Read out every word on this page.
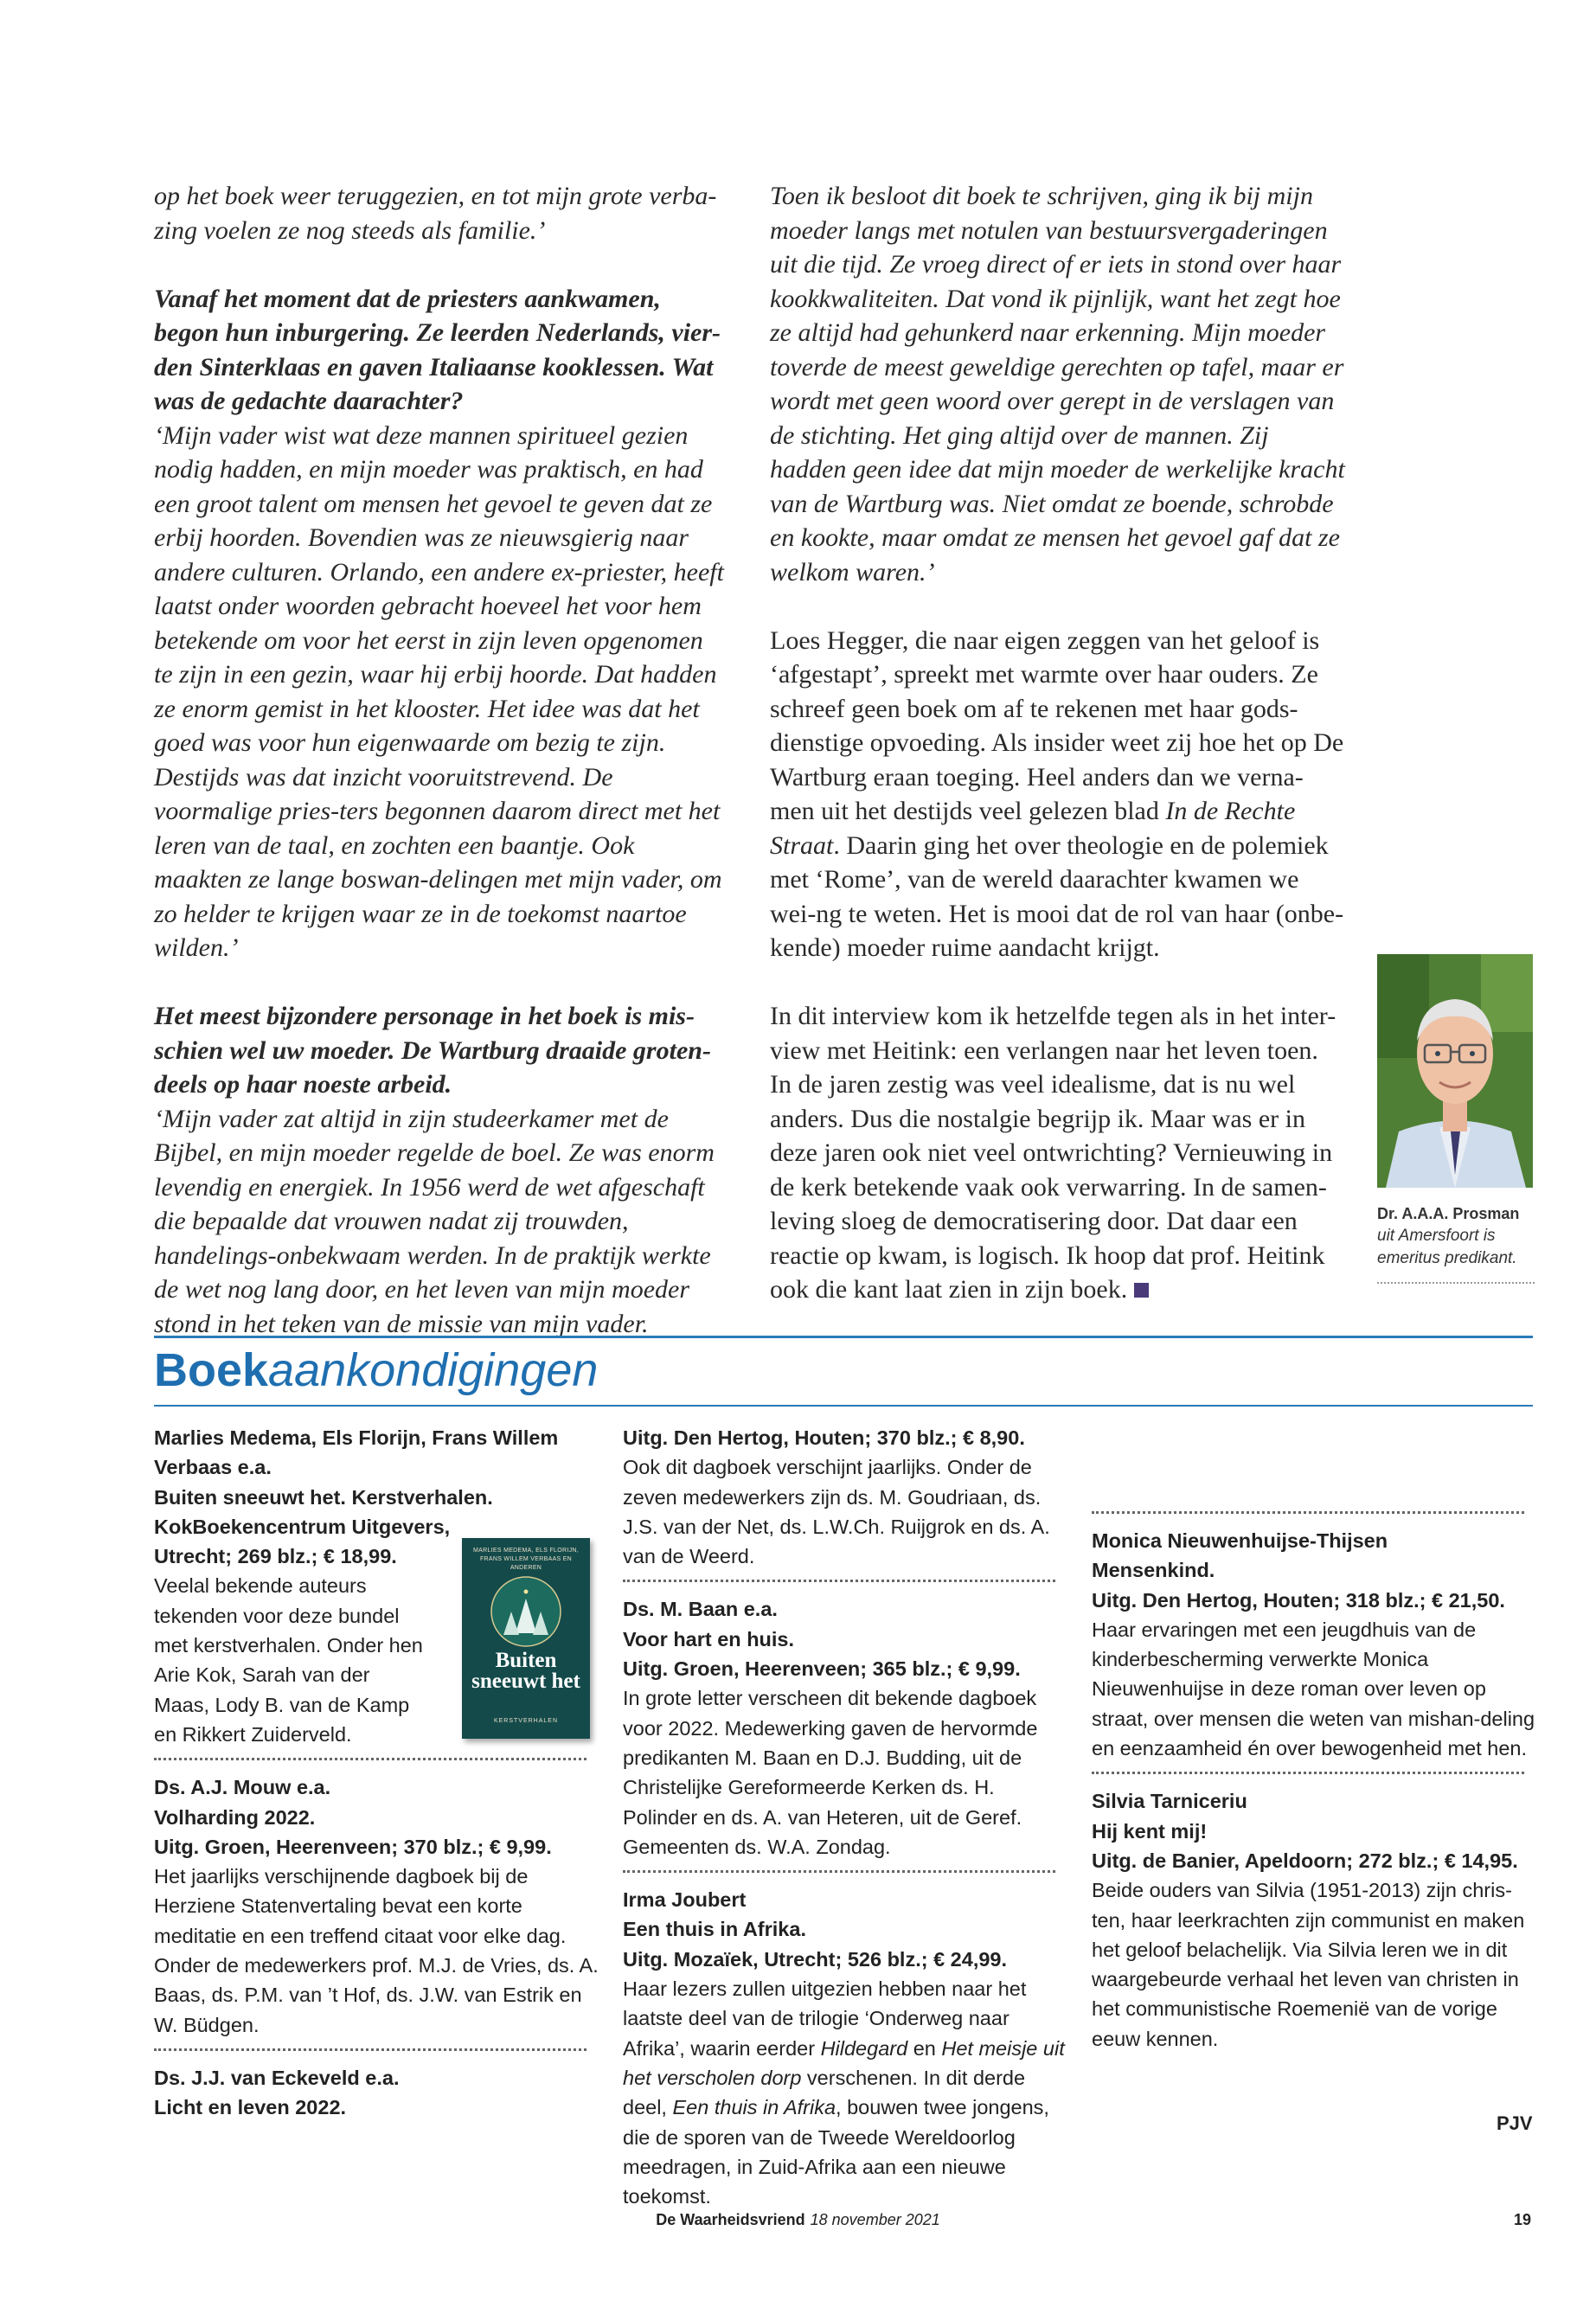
op het boek weer teruggezien, en tot mijn grote verba-zing voelen ze nog steeds als familie.’

Vanaf het moment dat de priesters aankwamen, begon hun inburgering. Ze leerden Nederlands, vier-den Sinterklaas en gaven Italiaanse kooklessen. Wat was de gedachte daarachter?

‘Mijn vader wist wat deze mannen spiritueel gezien nodig hadden, en mijn moeder was praktisch, en had een groot talent om mensen het gevoel te geven dat ze erbij hoorden. Bovendien was ze nieuwsgierig naar andere culturen. Orlando, een andere ex-priester, heeft laatst onder woorden gebracht hoeveel het voor hem betekende om voor het eerst in zijn leven opgenomen te zijn in een gezin, waar hij erbij hoorde. Dat hadden ze enorm gemist in het klooster. Het idee was dat het goed was voor hun eigenwaarde om bezig te zijn. Destijds was dat inzicht vooruitstrevend. De voormalige pries-ters begonnen daarom direct met het leren van de taal, en zochten een baantje. Ook maakten ze lange boswan-delingen met mijn vader, om zo helder te krijgen waar ze in de toekomst naartoe wilden.’

Het meest bijzondere personage in het boek is mis-schien wel uw moeder. De Wartburg draaide groten-deels op haar noeste arbeid.

‘Mijn vader zat altijd in zijn studeerkamer met de Bijbel, en mijn moeder regelde de boel. Ze was enorm levendig en energiek. In 1956 werd de wet afgeschaft die bepaalde dat vrouwen nadat zij trouwden, handelings-onbekwaam werden. In de praktijk werkte de wet nog lang door, en het leven van mijn moeder stond in het teken van de missie van mijn vader.

Toen ik besloot dit boek te schrijven, ging ik bij mijn moeder langs met notulen van bestuursvergaderingen uit die tijd. Ze vroeg direct of er iets in stond over haar kookkwaliteiten. Dat vond ik pijnlijk, want het zegt hoe ze altijd had gehunkerd naar erkenning. Mijn moeder toverde de meest geweldige gerechten op tafel, maar er wordt met geen woord over gerept in de verslagen van de stichting. Het ging altijd over de mannen. Zij hadden geen idee dat mijn moeder de werkelijke kracht van de Wartburg was. Niet omdat ze boende, schrobde en kookte, maar omdat ze mensen het gevoel gaf dat ze welkom waren.’

Loes Hegger, die naar eigen zeggen van het geloof is ‘afgestapt’, spreekt met warmte over haar ouders. Ze schreef geen boek om af te rekenen met haar gods-dienstige opvoeding. Als insider weet zij hoe het op De Wartburg eraan toeging. Heel anders dan we verna-men uit het destijds veel gelezen blad In de Rechte Straat. Daarin ging het over theologie en de polemiek met ‘Rome’, van de wereld daarachter kwamen we wei-ng te weten. Het is mooi dat de rol van haar (onbe-kende) moeder ruime aandacht krijgt.

In dit interview kom ik hetzelfde tegen als in het inter-view met Heitink: een verlangen naar het leven toen. In de jaren zestig was veel idealisme, dat is nu wel anders. Dus die nostalgie begrijp ik. Maar was er in deze jaren ook niet veel ontwrichting? Vernieuwing in de kerk betekende vaak ook verwarring. In de samen-leving sloeg de democratisering door. Dat daar een reactie op kwam, is logisch. Ik hoop dat prof. Heitink ook die kant laat zien in zijn boek.

Dr. A.A.A. Prosman
uit Amersfoort is emeritus predikant.
Boekaankondigingen

Marlies Medema, Els Florijn, Frans Willem Verbaas e.a.

Buiten sneeuwt het. Kerstverhalen.

KokBoekencentrum Uitgevers,

Utrecht; 269 blz.; € 18,99.

Veelal bekende auteurs tekenden voor deze bundel met kerstverhalen. Onder hen Arie Kok, Sarah van der Maas, Lody B. van de Kamp en Rikkert Zuiderveld.

Ds. A.J. Mouw e.a.

Volharding 2022.

Uitg. Groen, Heerenveen; 370 blz.; € 9,99.

Het jaarlijks verschijnende dagboek bij de Herziene Statenvertaling bevat een korte meditatie en een treffend citaat voor elke dag. Onder de medewerkers prof. M.J. de Vries, ds. A. Baas, ds. P.M. van ’t Hof, ds. J.W. van Estrik en W. Büdgen.

Ds. J.J. van Eckeveld e.a.

Licht en leven 2022.

MARLIES MEDEMA, ELS FLORIJN, FRANS WILLEM VERBAAS EN ANDEREN
Buiten sneeuwt het
KERSTVERHALEN

Uitg. Den Hertog, Houten; 370 blz.; € 8,90.

Ook dit dagboek verschijnt jaarlijks. Onder de zeven medewerkers zijn ds. M. Goudriaan, ds. J.S. van der Net, ds. L.W.Ch. Ruijgrok en ds. A. van de Weerd.

Ds. M. Baan e.a.

Voor hart en huis.

Uitg. Groen, Heerenveen; 365 blz.; € 9,99.

In grote letter verscheen dit bekende dagboek voor 2022. Medewerking gaven de hervormde predikanten M. Baan en D.J. Budding, uit de Christelijke Gereformeerde Kerken ds. H. Polinder en ds. A. van Heteren, uit de Geref. Gemeenten ds. W.A. Zondag.

Irma Joubert

Een thuis in Afrika.

Uitg. Mozaïek, Utrecht; 526 blz.; € 24,99.

Haar lezers zullen uitgezien hebben naar het laatste deel van de trilogie ‘Onderweg naar Afrika’, waarin eerder Hildegard en Het meisje uit het verscholen dorp verschenen. In dit derde deel, Een thuis in Afrika, bouwen twee jongens, die de sporen van de Tweede Wereldoorlog meedragen, in Zuid-Afrika aan een nieuwe toekomst.

Monica Nieuwenhuijse-Thijsen

Mensenkind.

Uitg. Den Hertog, Houten; 318 blz.; € 21,50.

Haar ervaringen met een jeugdhuis van de kinderbescherming verwerkte Monica Nieuwenhuijse in deze roman over leven op straat, over mensen die weten van mishan-deling en eenzaamheid én over bewogenheid met hen.

Silvia Tarniceriu

Hij kent mij!

Uitg. de Banier, Apeldoorn; 272 blz.; € 14,95.

Beide ouders van Silvia (1951-2013) zijn chris-ten, haar leerkrachten zijn communist en maken het geloof belachelijk. Via Silvia leren we in dit waargebeurde verhaal het leven van christen in het communistische Roemenië van de vorige eeuw kennen.

PJV
De Waarheidsvriend 18 november 2021	19
